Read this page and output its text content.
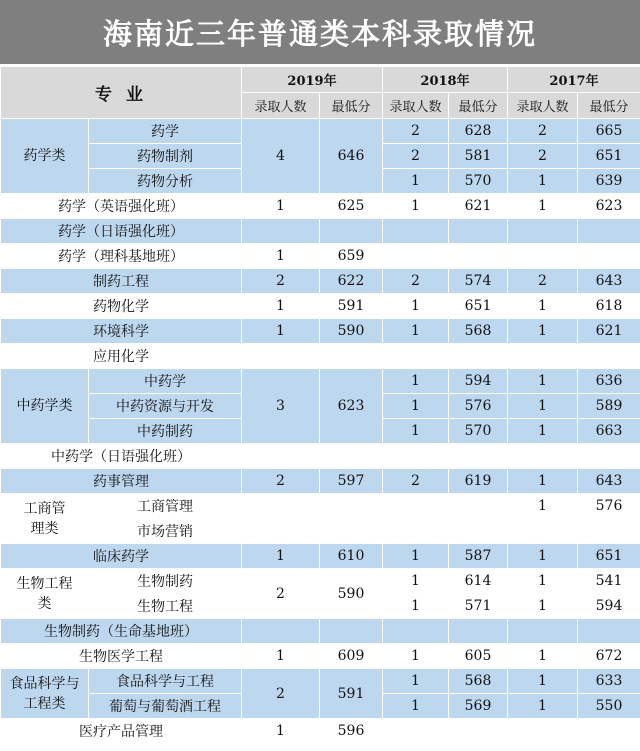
海南近三年普通类本科录取情况
专 业		2019年		2018年		2017年	
		录取人数	最低分	录取人数	最低分	录取人数	最低分
药学类	药学	4	646	2	628	2	665
	药物制剂			2	581	2	651
	药物分析			1	570	1	639
药学（英语强化班）		1	625	1	621	1	623
药学（日语强化班）							
药学（理科基地班）		1	659				
制药工程		2	622	2	574	2	643
药物化学		1	591	1	651	1	618
环境科学		1	590	1	568	1	621
应用化学							
中药学类	中药学	3	623	1	594	1	636
	中药资源与开发			1	576	1	589
	中药制药			1	570	1	663
中药学（日语强化班）							
药事管理		2	597	2	619	1	643
工商管理类	工商管理					1	576
	市场营销						
临床药学		1	610	1	587	1	651
生物工程类	生物制药	2	590	1	614	1	541
	生物工程			1	571	1	594
生物制药（生命基地班）							
生物医学工程		1	609	1	605	1	672
食品科学与工程类	食品科学与工程	2	591	1	568	1	633
	葡萄与葡萄酒工程			1	569	1	550
医疗产品管理		1	596				
